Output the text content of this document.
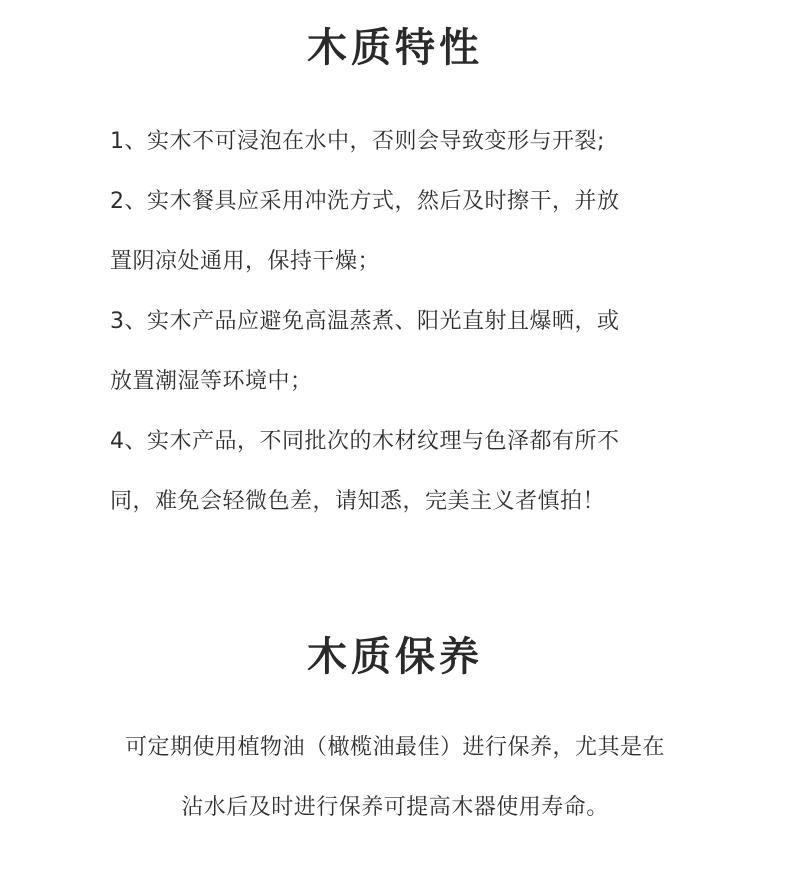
木质特性
1、实木不可浸泡在水中，否则会导致变形与开裂;
2、实木餐具应采用冲洗方式，然后及时擦干，并放
置阴凉处通用，保持干燥；
3、实木产品应避免高温蒸煮、阳光直射且爆晒，或
放置潮湿等环境中；
4、实木产品，不同批次的木材纹理与色泽都有所不
同，难免会轻微色差，请知悉，完美主义者慎拍！
木质保养
可定期使用植物油（橄榄油最佳）进行保养，尤其是在
沾水后及时进行保养可提高木器使用寿命。
